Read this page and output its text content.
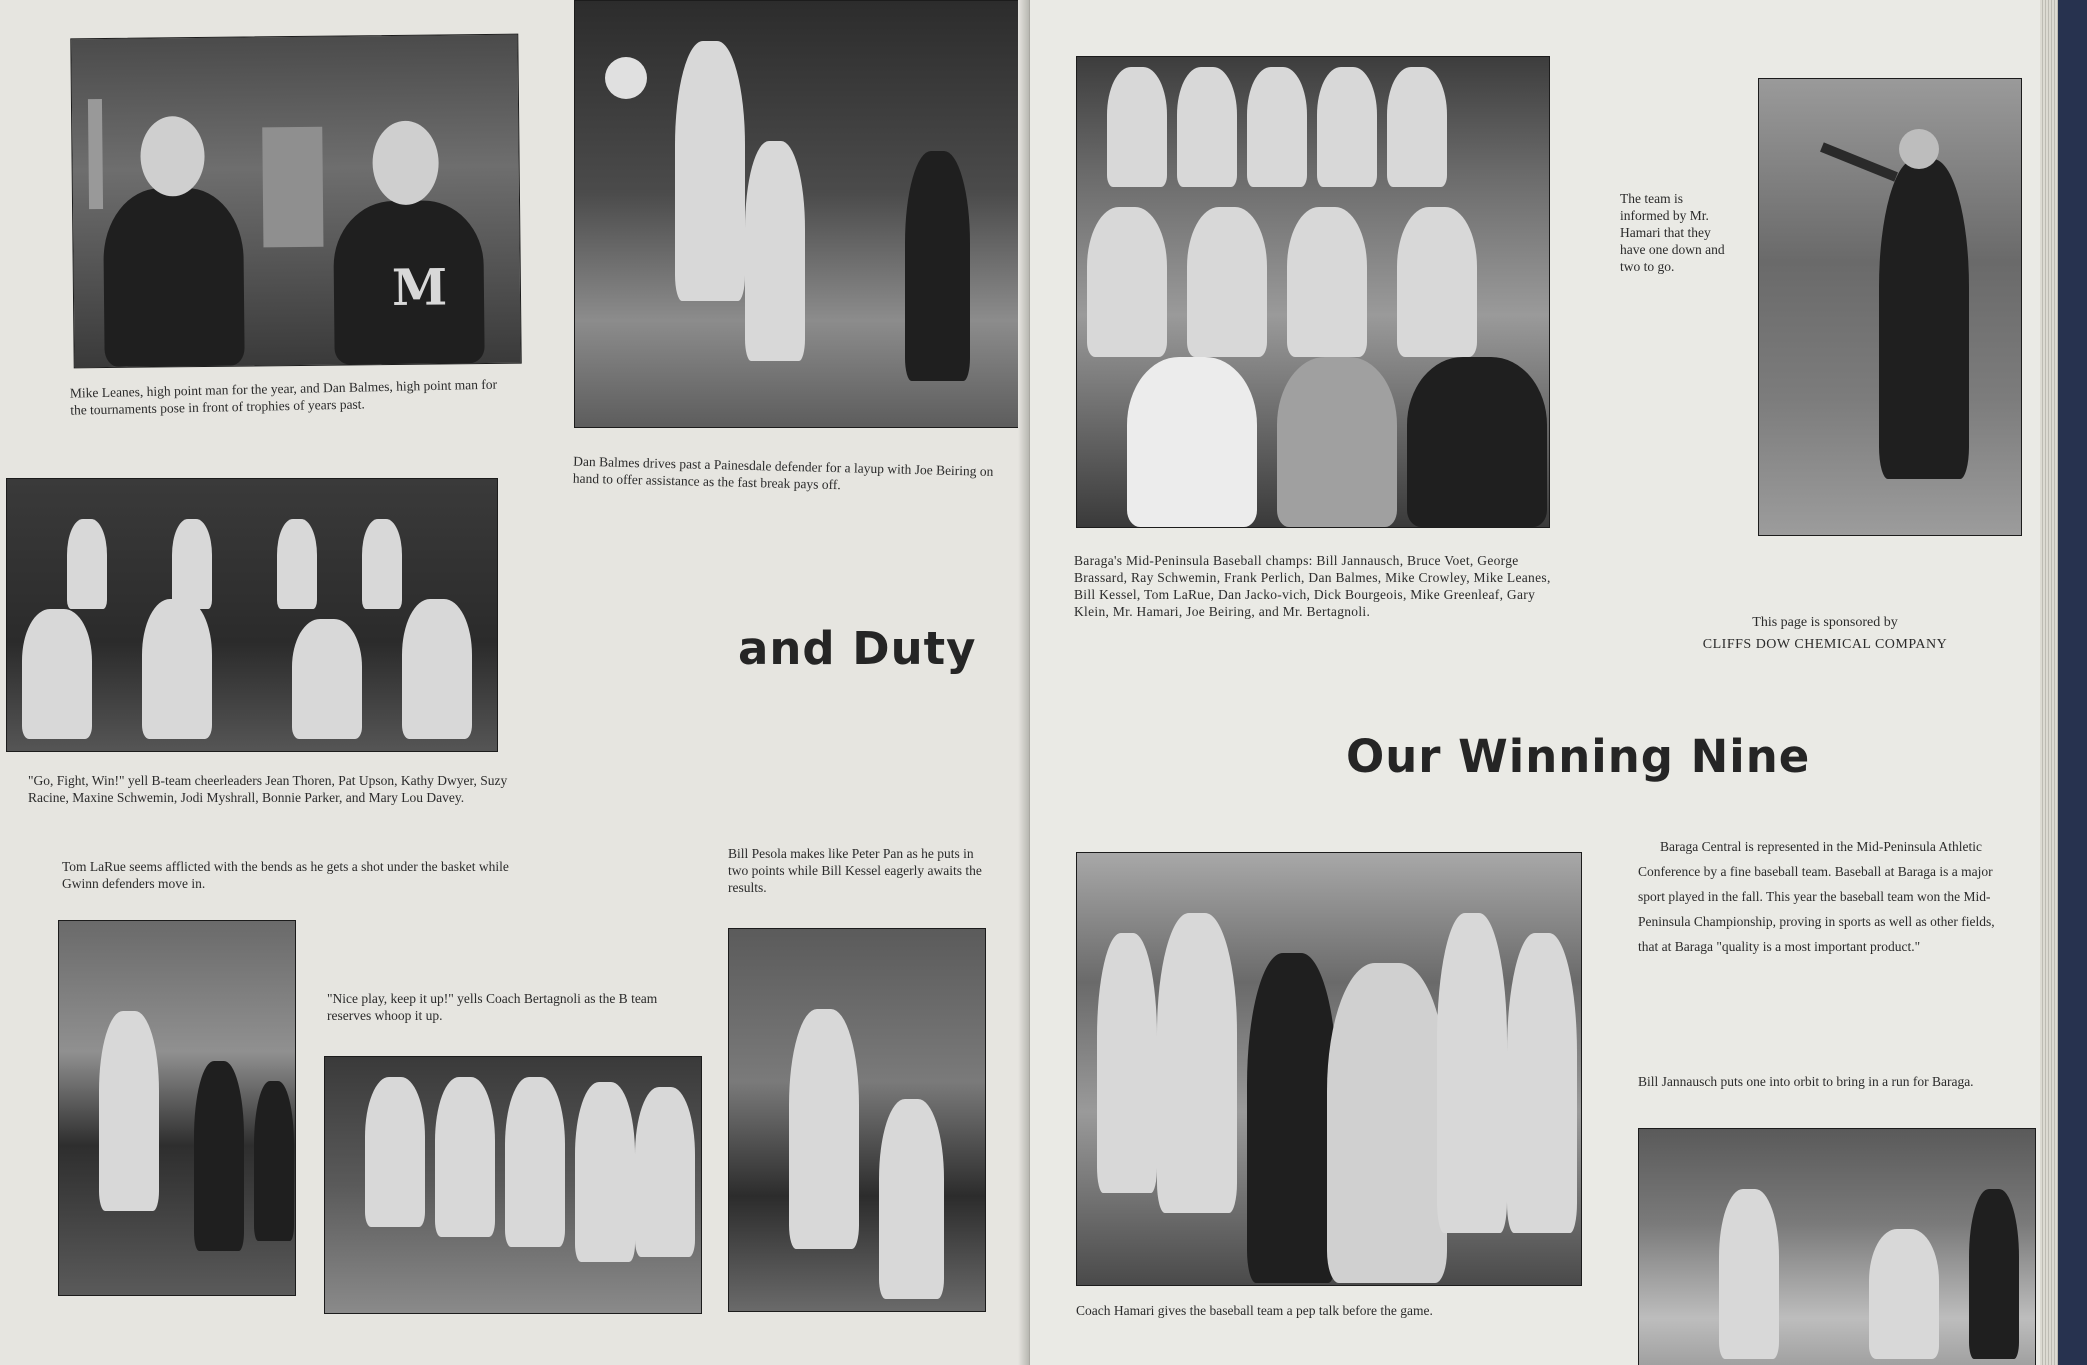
M

Mike Leanes, high point man for the year, and Dan Balmes, high point man for the tournaments pose in front of trophies of years past.

"Go, Fight, Win!" yell B-team cheerleaders Jean Thoren, Pat Upson, Kathy Dwyer, Suzy Racine, Maxine Schwemin, Jodi Myshrall, Bonnie Parker, and Mary Lou Davey.

Tom LaRue seems afflicted with the bends as he gets a shot under the basket while Gwinn defenders move in.

Dan Balmes drives past a Painesdale defender for a layup with Joe Beiring on hand to offer assistance as the fast break pays off.

and Duty

Bill Pesola makes like Peter Pan as he puts in two points while Bill Kessel eagerly awaits the results.

"Nice play, keep it up!" yells Coach Bertagnoli as the B team reserves whoop it up.

Baraga's Mid-Peninsula Baseball champs: Bill Jannausch, Bruce Voet, George Brassard, Ray Schwemin, Frank Perlich, Dan Balmes, Mike Crowley, Mike Leanes, Bill Kessel, Tom LaRue, Dan Jacko-vich, Dick Bourgeois, Mike Greenleaf, Gary Klein, Mr. Hamari, Joe Beiring, and Mr. Bertagnoli.

The team is informed by Mr. Hamari that they have one down and two to go.

This page is sponsored by
CLIFFS DOW CHEMICAL COMPANY
Our Winning Nine

Coach Hamari gives the baseball team a pep talk before the game.

Baraga Central is represented in the Mid-Peninsula Athletic Conference by a fine baseball team. Baseball at Baraga is a major sport played in the fall. This year the baseball team won the Mid-Peninsula Championship, proving in sports as well as other fields, that at Baraga "quality is a most important product."

Bill Jannausch puts one into orbit to bring in a run for Baraga.
